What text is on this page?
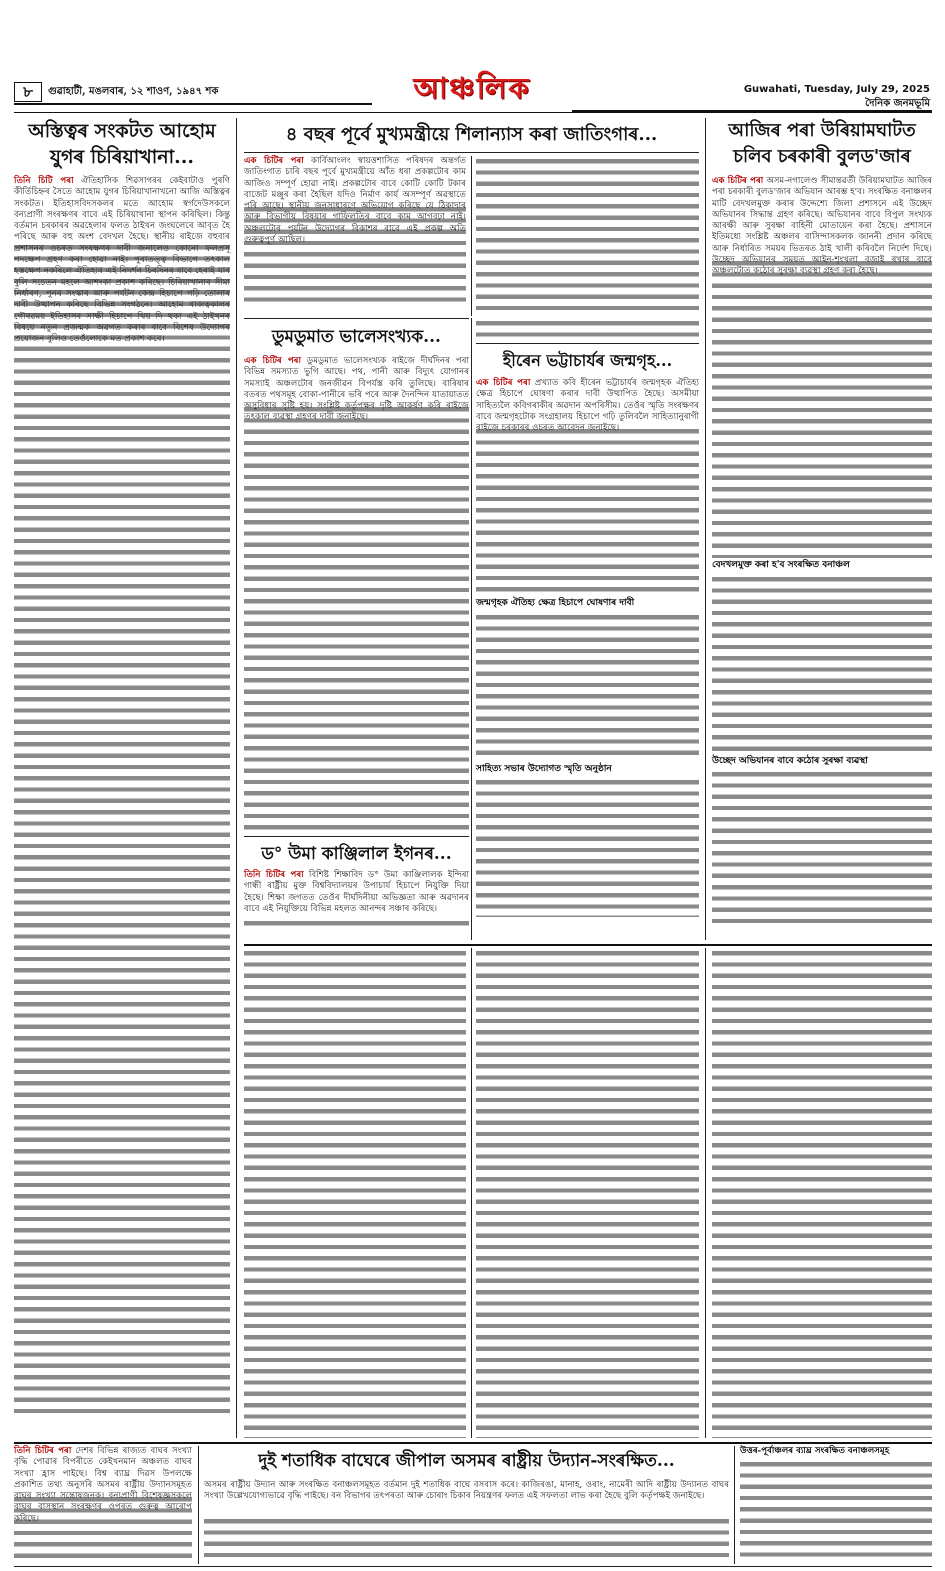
৮	গুৱাহাটী, মঙলবাৰ, ১২ শাওণ, ১৯৪৭ শক	আঞ্চলিক	Guwahati, Tuesday, July 29, 2025
দৈনিক জনমভূমি
অস্তিত্বৰ সংকটত আহোম
যুগৰ চিৰিয়াখানা...
তিনি চিটি পৰা ঐতিহাসিক শিৱসাগৰৰ কেইবাটাও পুৰণি কীৰ্তিচিহ্নৰ সৈতে আহোম যুগৰ চিৰিয়াখানাখনো আজি অস্তিত্বৰ সংকটত। ইতিহাসবিদসকলৰ মতে আহোম স্বৰ্গদেউসকলে বন্যপ্ৰাণী সংৰক্ষণৰ বাবে এই চিৰিয়াখানা স্থাপন কৰিছিল। কিন্তু বৰ্তমান চৰকাৰৰ অৱহেলাৰ ফলত ঠাইখন জংঘলেৰে আবৃত হৈ পৰিছে আৰু বহু অংশ বেদখল হৈছে। স্থানীয় ৰাইজে বহুবাৰ প্ৰশাসনৰ ওচৰত সংৰক্ষণৰ দাবী জনালেও কোনো ফলপ্ৰসূ পদক্ষেপ গ্ৰহণ কৰা হোৱা নাই। পুৰাতত্ত্ব বিভাগে তৎকাল হস্তক্ষেপ নকৰিলে ঐতিহ্যৰ এই নিদৰ্শন চিৰদিনৰ বাবে হেৰাই যাব বুলি সচেতন মহলে আশংকা প্ৰকাশ কৰিছে। চিৰিয়াখানাৰ সীমা নিৰ্ধাৰণ, পুনৰ সংস্কাৰ আৰু পৰ্যটন কেন্দ্ৰ হিচাপে গঢ়ি তোলাৰ দাবী উত্থাপন কৰিছে বিভিন্ন সংগঠনে। আহোম ৰাজত্বকালৰ গৌৰৱময় ইতিহাসৰ সাক্ষী হিচাপে থিয় দি থকা এই ঠাইখনৰ বিষয়ে নতুন প্ৰজন্মক অৱগত কৰাৰ বাবে বিশেষ উদ্যোগৰ প্ৰয়োজন বুলিও তেওঁলোকে মত প্ৰকাশ কৰে।
৪ বছৰ পূৰ্বে মুখ্যমন্ত্ৰীয়ে শিলান্যাস কৰা জাতিংগাৰ...
এক চিটিৰ পৰা কাৰ্বিআংলং স্বায়ত্তশাসিত পৰিষদৰ অন্তৰ্গত জাতিংগাত চাৰি বছৰ পূৰ্বে মুখ্যমন্ত্ৰীয়ে আঁত ধৰা প্ৰকল্পটোৰ কাম আজিও সম্পূৰ্ণ হোৱা নাই। প্ৰকল্পটোৰ বাবে কোটি কোটি টকাৰ বাজেট মঞ্জুৰ কৰা হৈছিল যদিও নিৰ্মাণ কাৰ্য অসম্পূৰ্ণ অৱস্থাতে পৰি আছে। স্থানীয় জনসাধাৰণে অভিযোগ কৰিছে যে ঠিকাদাৰ আৰু বিভাগীয় বিষয়াৰ গাফিলতিৰ বাবে কাম আগবঢ়া নাই। অঞ্চলটোৰ পৰ্যটন উদ্যোগৰ বিকাশৰ বাবে এই প্ৰকল্প অতি গুৰুত্বপূৰ্ণ আছিল।
ডুমডুমাত ভালেসংখ্যক...
এক চিটিৰ পৰা ডুমডুমাত ভালেসংখ্যক ৰাইজে দীৰ্ঘদিনৰ পৰা বিভিন্ন সমস্যাত ভুগি আছে। পথ, পানী আৰু বিদ্যুৎ যোগানৰ সমস্যাই অঞ্চলটোৰ জনজীৱন বিপৰ্যস্ত কৰি তুলিছে। বাৰিষাৰ বতৰত পথসমূহ বোকা-পানীৰে ভৰি পৰে আৰু দৈনন্দিন যাতায়াতত অসুবিধাৰ সৃষ্টি হয়। সংশ্লিষ্ট কৰ্তৃপক্ষৰ দৃষ্টি আকৰ্ষণ কৰি ৰাইজে তৎকাল ব্যৱস্থা গ্ৰহণৰ দাবী জনাইছে।
ড° উমা কাঞ্জিলাল ইগনৰ...
তিনি চিটিৰ পৰা বিশিষ্ট শিক্ষাবিদ ড° উমা কাঞ্জিলালক ইন্দিৰা গান্ধী ৰাষ্ট্ৰীয় মুক্ত বিশ্ববিদ্যালয়ৰ উপাচাৰ্য হিচাপে নিযুক্তি দিয়া হৈছে। শিক্ষা জগতত তেওঁৰ দীৰ্ঘদিনীয়া অভিজ্ঞতা আৰু অৱদানৰ বাবে এই নিযুক্তিয়ে বিভিন্ন মহলত আনন্দৰ সঞ্চাৰ কৰিছে।
হীৰেন ভট্টাচাৰ্যৰ জন্মগৃহ...
এক চিটিৰ পৰা প্ৰখ্যাত কবি হীৰেন ভট্টাচাৰ্যৰ জন্মগৃহক ঐতিহ্য ক্ষেত্ৰ হিচাপে ঘোষণা কৰাৰ দাবী উত্থাপিত হৈছে। অসমীয়া সাহিত্যলৈ কবিগৰাকীৰ অৱদান অপৰিসীম। তেওঁৰ স্মৃতি সংৰক্ষণৰ বাবে জন্মগৃহটোক সংগ্ৰহালয় হিচাপে গঢ়ি তুলিবলৈ সাহিত্যানুৰাগী ৰাইজে চৰকাৰৰ ওচৰত আবেদন জনাইছে।
জন্মগৃহক ঐতিহ্য ক্ষেত্ৰ হিচাপে ঘোষণাৰ দাবী
সাহিত্য সভাৰ উদ্যোগত স্মৃতি অনুষ্ঠান
আজিৰ পৰা উৰিয়ামঘাটত
চলিব চৰকাৰী বুলড'জাৰ
এক চিটিৰ পৰা অসম-নগালেণ্ড সীমান্তৱৰ্তী উৰিয়ামঘাটত আজিৰ পৰা চৰকাৰী বুলড'জাৰ অভিযান আৰম্ভ হ'ব। সংৰক্ষিত বনাঞ্চলৰ মাটি বেদখলমুক্ত কৰাৰ উদ্দেশ্যে জিলা প্ৰশাসনে এই উচ্ছেদ অভিযানৰ সিদ্ধান্ত গ্ৰহণ কৰিছে। অভিযানৰ বাবে বিপুল সংখ্যক আৰক্ষী আৰু সুৰক্ষা বাহিনী মোতায়েন কৰা হৈছে। প্ৰশাসনে ইতিমধ্যে সংশ্লিষ্ট অঞ্চলৰ বাসিন্দাসকলক জাননী প্ৰদান কৰিছে আৰু নিৰ্ধাৰিত সময়ৰ ভিতৰত ঠাই খালী কৰিবলৈ নিৰ্দেশ দিছে। উচ্ছেদ অভিযানৰ সময়ত আইন-শৃংখলা বজাই ৰখাৰ বাবে অঞ্চলটোত কঠোৰ সুৰক্ষা ব্যৱস্থা গ্ৰহণ কৰা হৈছে।
বেদখলমুক্ত কৰা হ'ব সংৰক্ষিত বনাঞ্চল
উচ্ছেদ অভিযানৰ বাবে কঠোৰ সুৰক্ষা ব্যৱস্থা
তিনি চিটিৰ পৰা দেশৰ বিভিন্ন ৰাজ্যত বাঘৰ সংখ্যা বৃদ্ধি পোৱাৰ বিপৰীতে কেইখনমান অঞ্চলত বাঘৰ সংখ্যা হ্ৰাস পাইছে। বিশ্ব ব্যাঘ্ৰ দিৱস উপলক্ষে প্ৰকাশিত তথ্য অনুসৰি অসমৰ ৰাষ্ট্ৰীয় উদ্যানসমূহত বাঘৰ সংখ্যা সন্তোষজনক। বন্যপ্ৰাণী বিশেষজ্ঞসকলে বাঘৰ বাসস্থান সংৰক্ষণৰ ওপৰত গুৰুত্ব আৰোপ কৰিছে।
দুই শতাধিক বাঘেৰে জীপাল অসমৰ ৰাষ্ট্ৰীয় উদ্যান-সংৰক্ষিত...
অসমৰ ৰাষ্ট্ৰীয় উদ্যান আৰু সংৰক্ষিত বনাঞ্চলসমূহত বৰ্তমান দুই শতাধিক বাঘে বসবাস কৰে। কাজিৰঙা, মানাহ, ওৰাং, নামেৰী আদি ৰাষ্ট্ৰীয় উদ্যানত বাঘৰ সংখ্যা উল্লেখযোগ্যভাৱে বৃদ্ধি পাইছে। বন বিভাগৰ তৎপৰতা আৰু চোৰাং চিকাৰ নিয়ন্ত্ৰণৰ ফলত এই সফলতা লাভ কৰা হৈছে বুলি কৰ্তৃপক্ষই জনাইছে।
উত্তৰ-পূৰ্বাঞ্চলৰ ব্যাঘ্ৰ সংৰক্ষিত বনাঞ্চলসমূহ
